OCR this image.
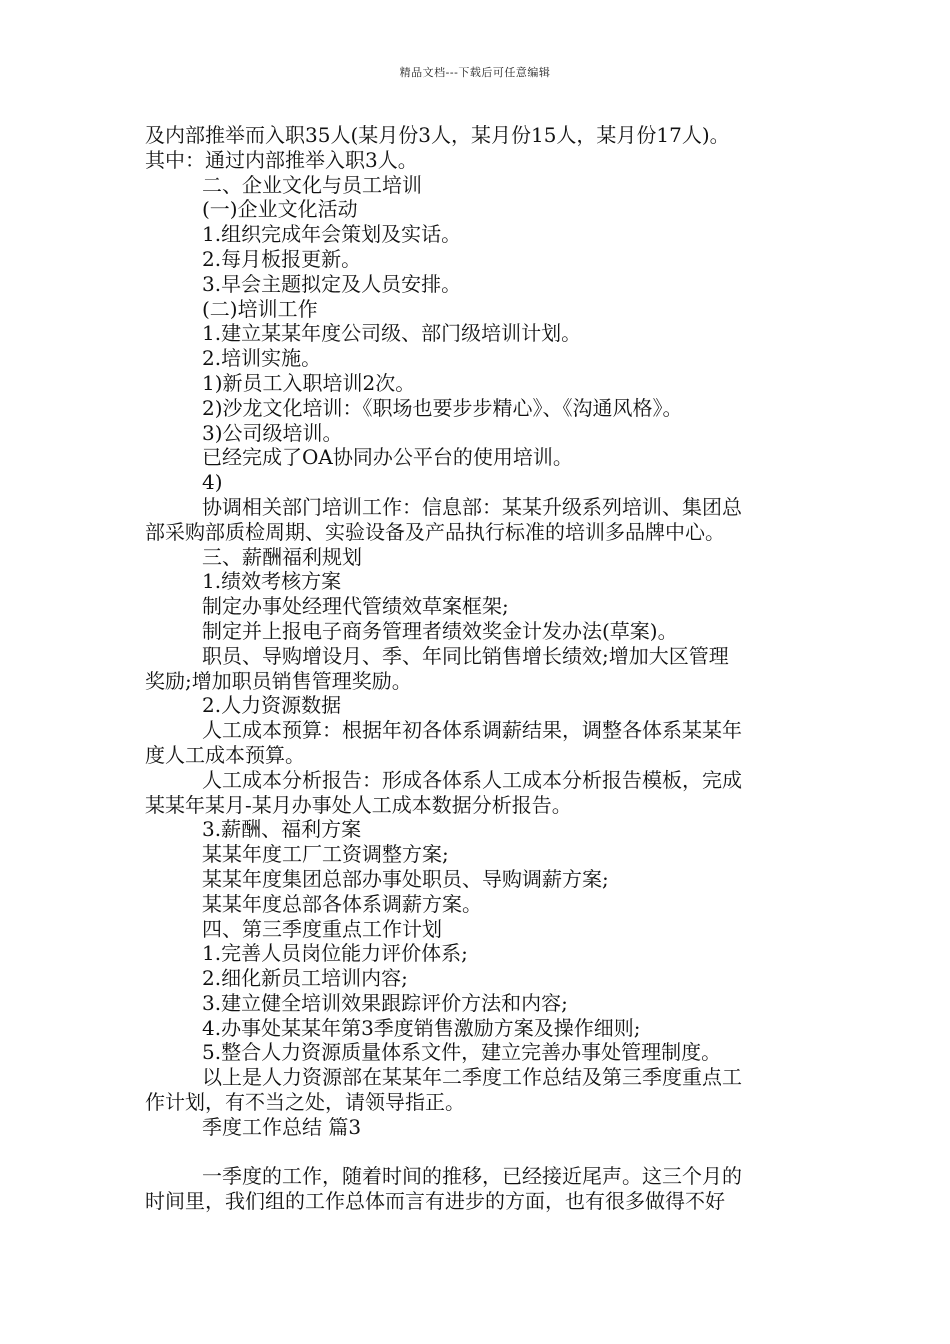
精品文档---下载后可任意编辑
及内部推举而入职35人(某月份3人，某月份15人，某月份17人)。
其中：通过内部推举入职3人。
二、企业文化与员工培训
(一)企业文化活动
1.组织完成年会策划及实话。
2.每月板报更新。
3.早会主题拟定及人员安排。
(二)培训工作
1.建立某某年度公司级、部门级培训计划。
2.培训实施。
1)新员工入职培训2次。
2)沙龙文化培训：《职场也要步步精心》、《沟通风格》。
3)公司级培训。
已经完成了OA协同办公平台的使用培训。
4)
协调相关部门培训工作：信息部：某某升级系列培训、集团总
部采购部质检周期、实验设备及产品执行标准的培训多品牌中心。
三、薪酬福利规划
1.绩效考核方案
制定办事处经理代管绩效草案框架;
制定并上报电子商务管理者绩效奖金计发办法(草案)。
职员、导购增设月、季、年同比销售增长绩效;增加大区管理
奖励;增加职员销售管理奖励。
2.人力资源数据
人工成本预算：根据年初各体系调薪结果，调整各体系某某年
度人工成本预算。
人工成本分析报告：形成各体系人工成本分析报告模板，完成
某某年某月-某月办事处人工成本数据分析报告。
3.薪酬、福利方案
某某年度工厂工资调整方案;
某某年度集团总部办事处职员、导购调薪方案;
某某年度总部各体系调薪方案。
四、第三季度重点工作计划
1.完善人员岗位能力评价体系;
2.细化新员工培训内容;
3.建立健全培训效果跟踪评价方法和内容;
4.办事处某某年第3季度销售激励方案及操作细则;
5.整合人力资源质量体系文件，建立完善办事处管理制度。
以上是人力资源部在某某年二季度工作总结及第三季度重点工
作计划，有不当之处，请领导指正。
季度工作总结 篇3
一季度的工作，随着时间的推移，已经接近尾声。这三个月的
时间里，我们组的工作总体而言有进步的方面，也有很多做得不好
